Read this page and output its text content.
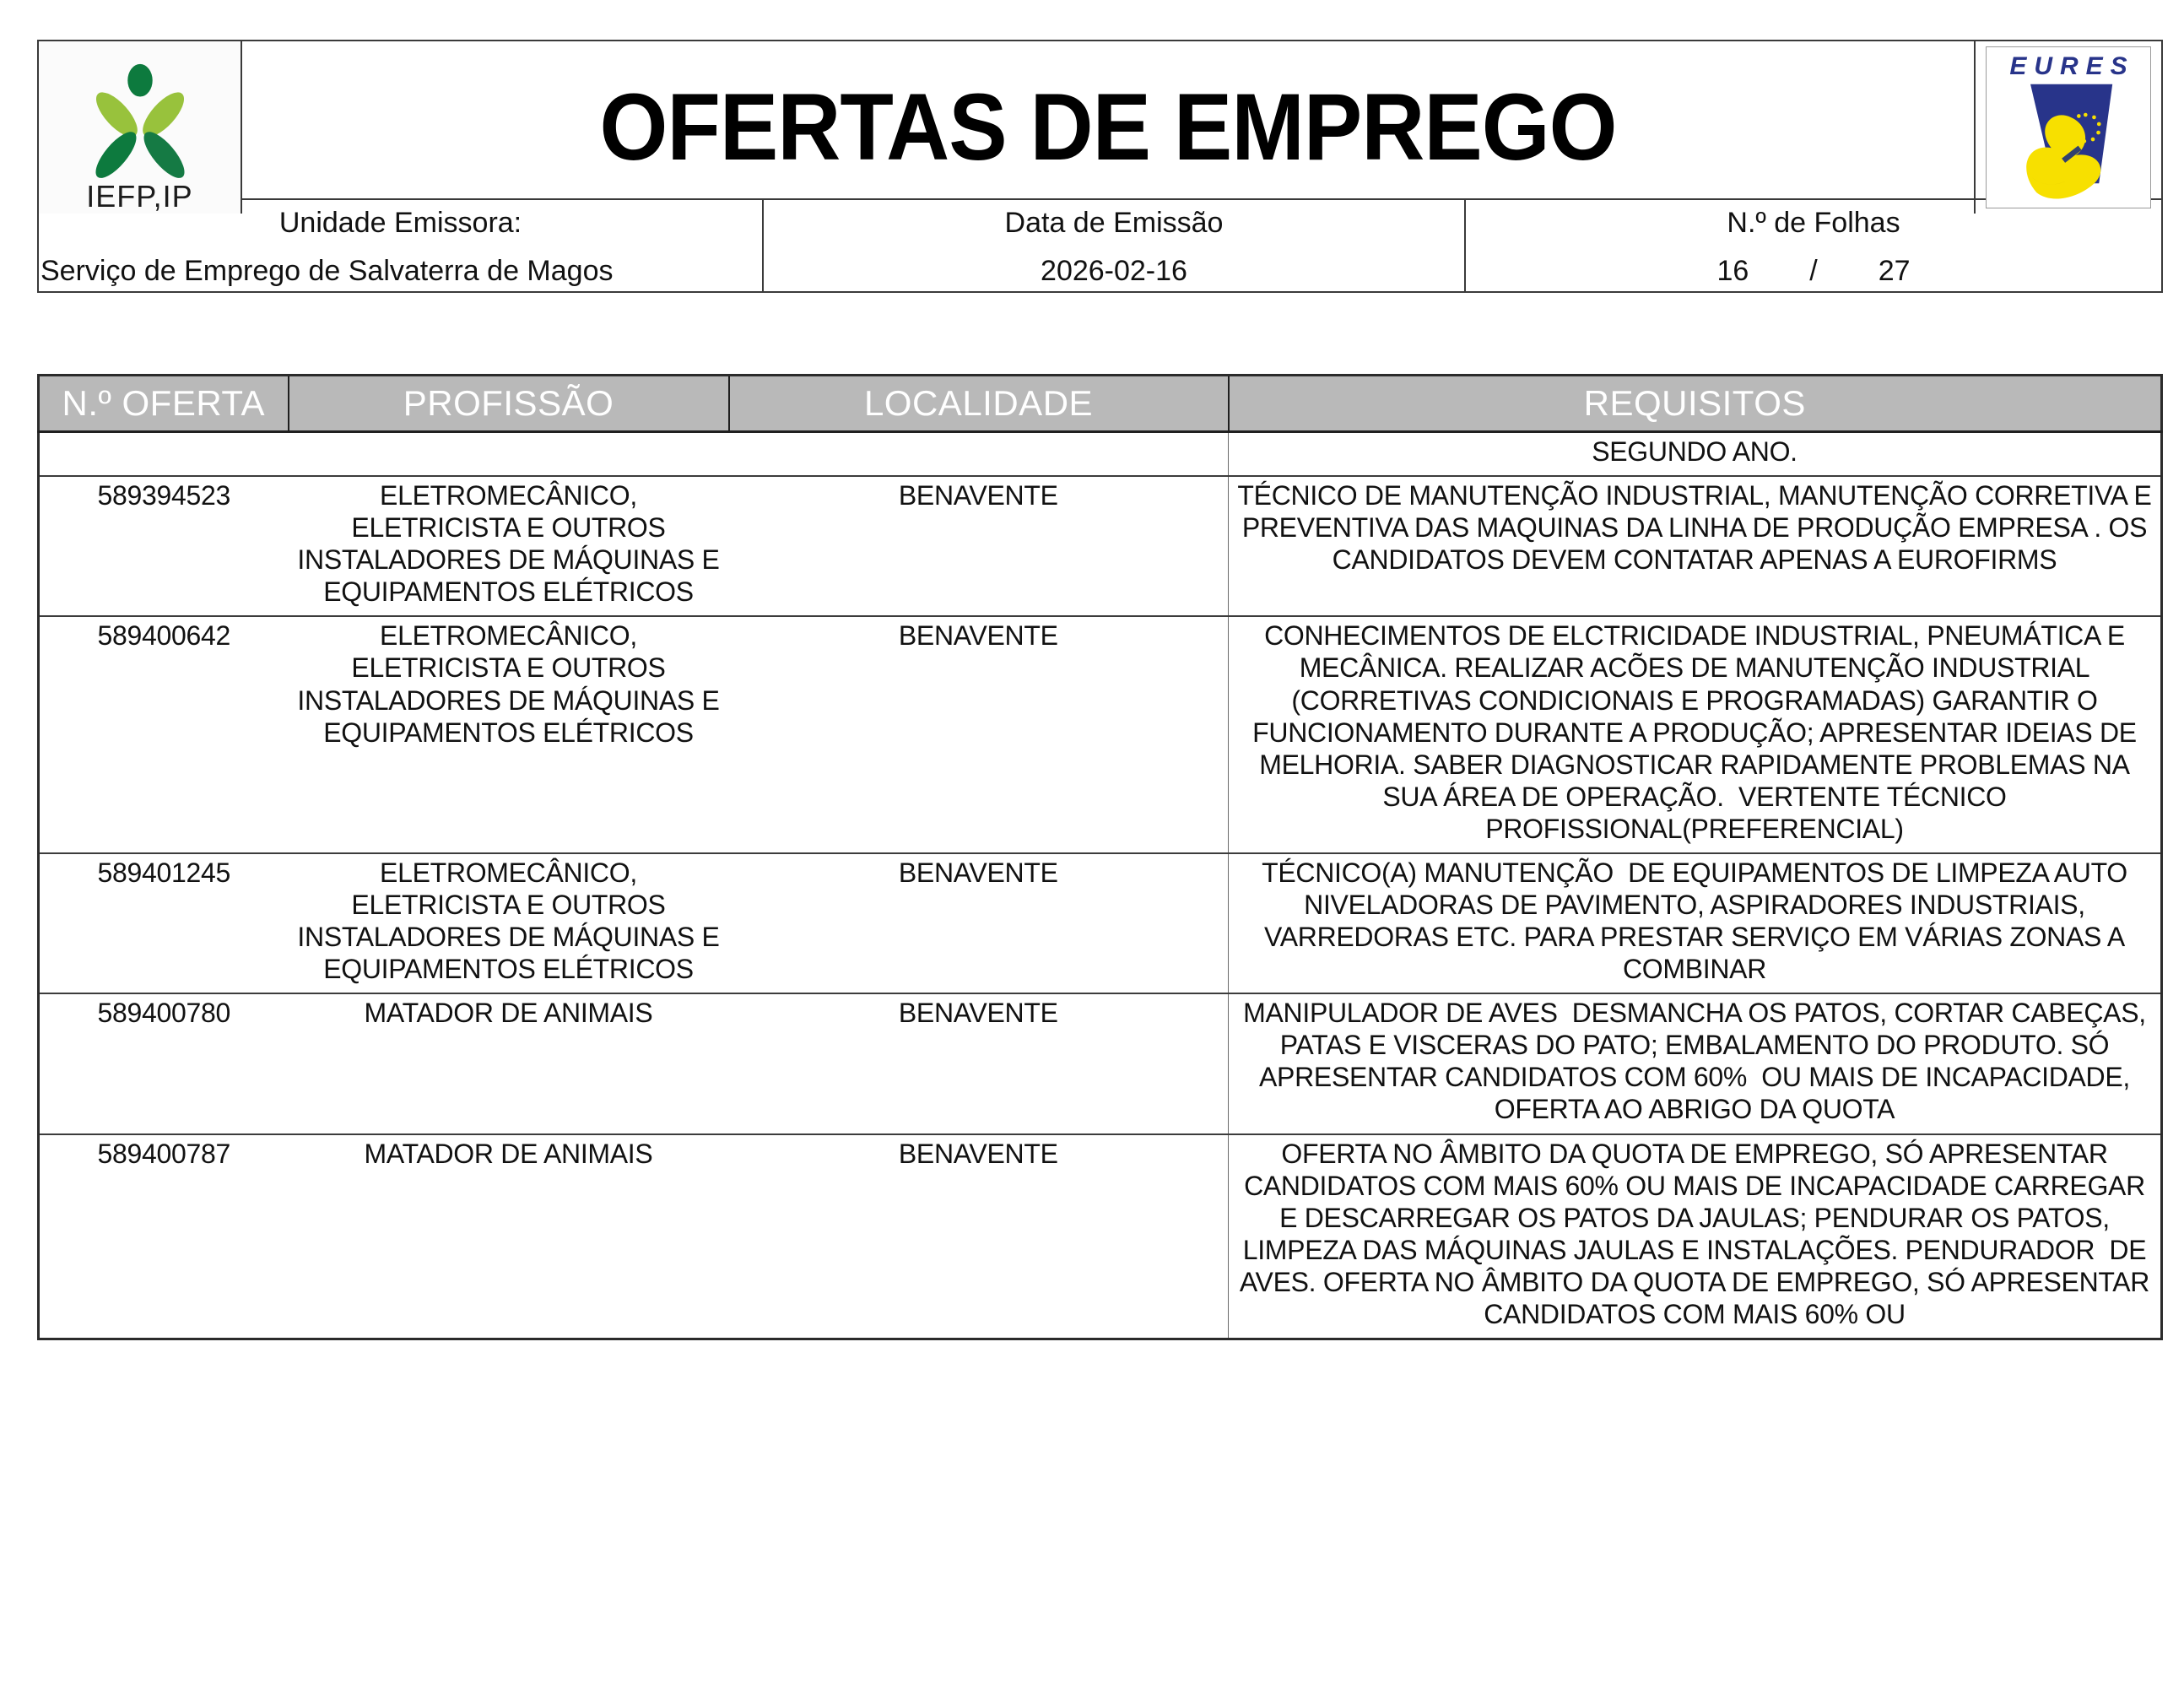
IEFP,IP
OFERTAS DE EMPREGO
EURES
Unidade Emissora:
Serviço de Emprego de Salvaterra de Magos
Data de Emissão
2026-02-16
N.º de Folhas
16 / 27
N.º OFERTA	PROFISSÃO	LOCALIDADE	REQUISITOS
			SEGUNDO ANO.
589394523	ELETROMECÂNICO, ELETRICISTA E OUTROS INSTALADORES DE MÁQUINAS E EQUIPAMENTOS ELÉTRICOS	BENAVENTE	TÉCNICO DE MANUTENÇÃO INDUSTRIAL, MANUTENÇÃO CORRETIVA E PREVENTIVA DAS MAQUINAS DA LINHA DE PRODUÇÃO EMPRESA . OS CANDIDATOS DEVEM CONTATAR APENAS A EUROFIRMS
589400642	ELETROMECÂNICO, ELETRICISTA E OUTROS INSTALADORES DE MÁQUINAS E EQUIPAMENTOS ELÉTRICOS	BENAVENTE	CONHECIMENTOS DE ELCTRICIDADE INDUSTRIAL, PNEUMÁTICA E MECÂNICA. REALIZAR ACÕES DE MANUTENÇÃO INDUSTRIAL (CORRETIVAS CONDICIONAIS E PROGRAMADAS) GARANTIR O FUNCIONAMENTO DURANTE A PRODUÇÃO; APRESENTAR IDEIAS DE MELHORIA. SABER DIAGNOSTICAR RAPIDAMENTE PROBLEMAS NA SUA ÁREA DE OPERAÇÃO.  VERTENTE TÉCNICO PROFISSIONAL(PREFERENCIAL)
589401245	ELETROMECÂNICO, ELETRICISTA E OUTROS INSTALADORES DE MÁQUINAS E EQUIPAMENTOS ELÉTRICOS	BENAVENTE	TÉCNICO(A) MANUTENÇÃO  DE EQUIPAMENTOS DE LIMPEZA AUTO NIVELADORAS DE PAVIMENTO, ASPIRADORES INDUSTRIAIS, VARREDORAS ETC. PARA PRESTAR SERVIÇO EM VÁRIAS ZONAS A COMBINAR
589400780	MATADOR DE ANIMAIS	BENAVENTE	MANIPULADOR DE AVES  DESMANCHA OS PATOS, CORTAR CABEÇAS, PATAS E VISCERAS DO PATO; EMBALAMENTO DO PRODUTO. SÓ APRESENTAR CANDIDATOS COM 60%  OU MAIS DE INCAPACIDADE, OFERTA AO ABRIGO DA QUOTA
589400787	MATADOR DE ANIMAIS	BENAVENTE	OFERTA NO ÂMBITO DA QUOTA DE EMPREGO, SÓ APRESENTAR CANDIDATOS COM MAIS 60% OU MAIS DE INCAPACIDADE CARREGAR E DESCARREGAR OS PATOS DA JAULAS; PENDURAR OS PATOS, LIMPEZA DAS MÁQUINAS JAULAS E INSTALAÇÕES. PENDURADOR  DE AVES. OFERTA NO ÂMBITO DA QUOTA DE EMPREGO, SÓ APRESENTAR CANDIDATOS COM MAIS 60% OU
